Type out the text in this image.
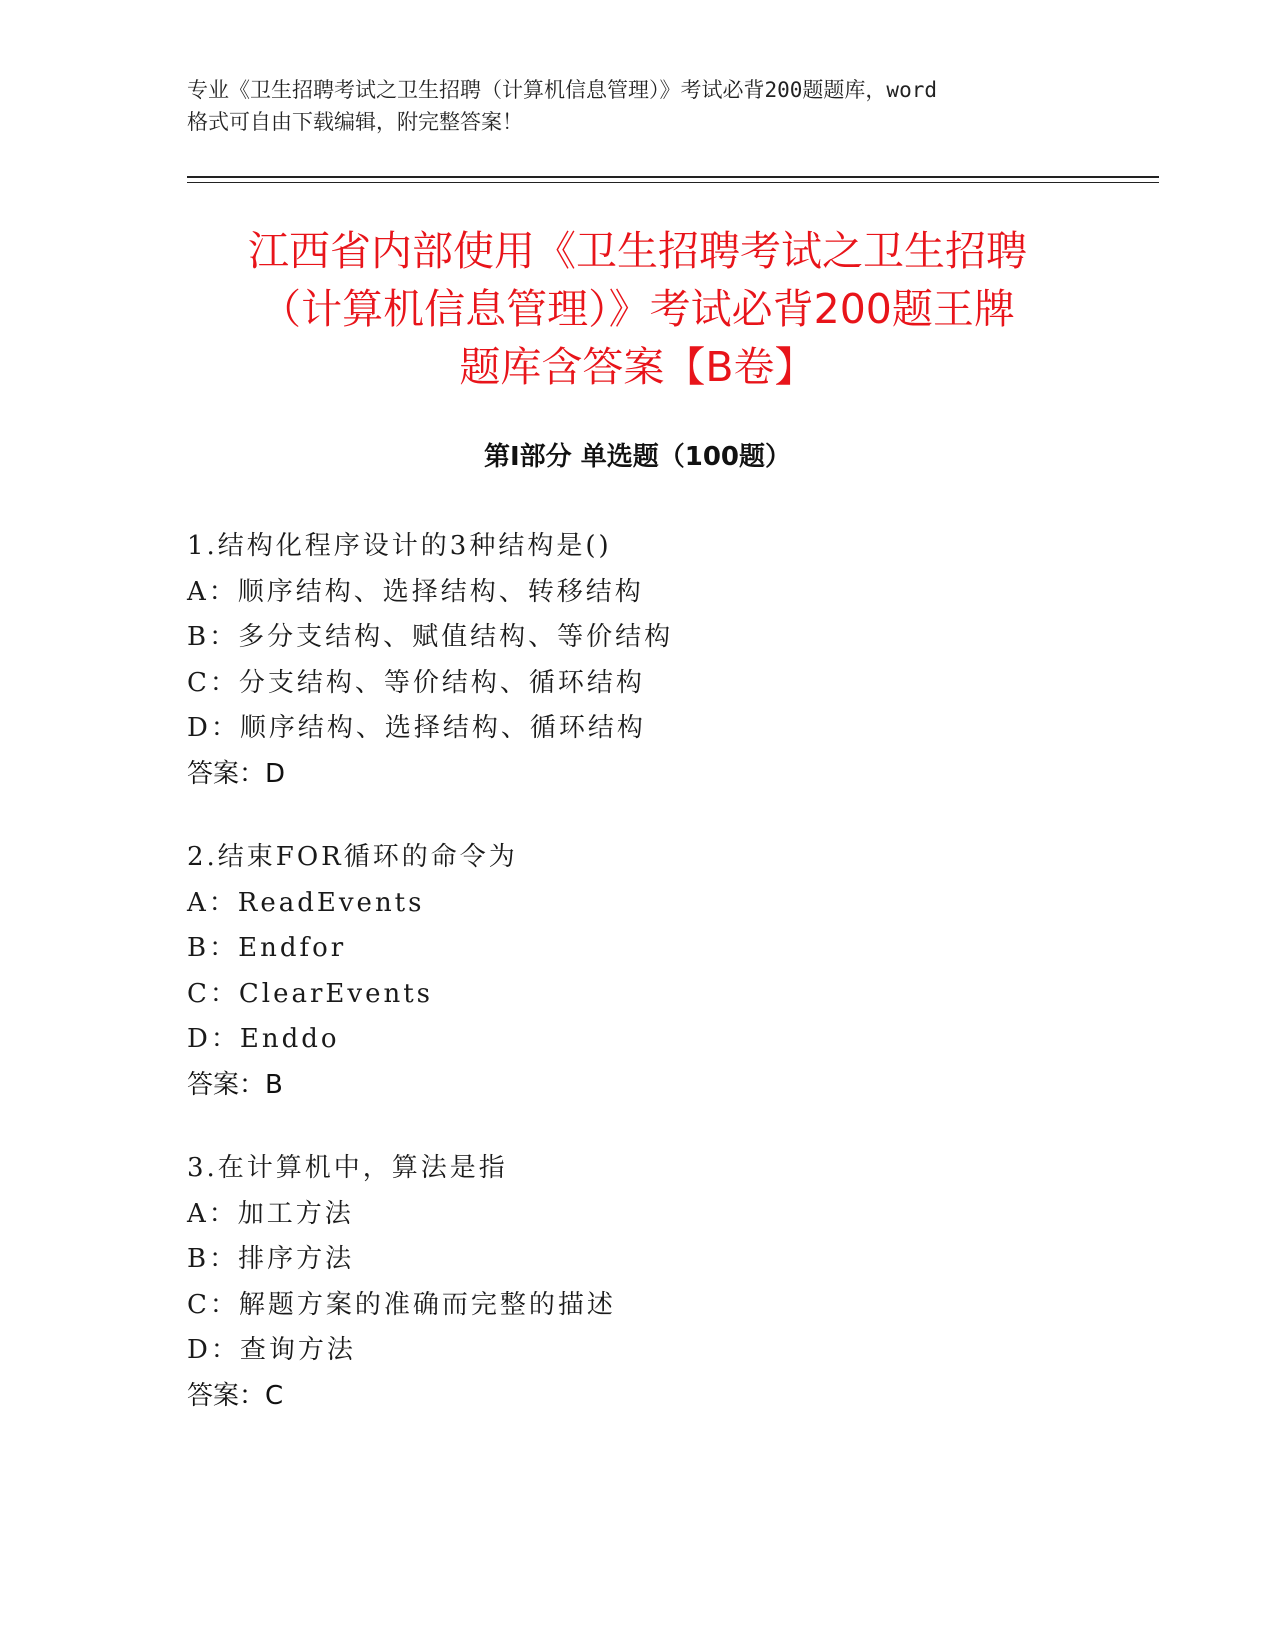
专业《卫生招聘考试之卫生招聘（计算机信息管理）》考试必背200题题库，word
格式可自由下载编辑，附完整答案！
江西省内部使用《卫生招聘考试之卫生招聘
（计算机信息管理）》考试必背200题王牌
题库含答案【B卷】
第Ⅰ部分 单选题（100题）
1.结构化程序设计的3种结构是()
A：顺序结构、选择结构、转移结构
B：多分支结构、赋值结构、等价结构
C：分支结构、等价结构、循环结构
D：顺序结构、选择结构、循环结构
答案：D
2.结束FOR循环的命令为
A：ReadEvents
B：Endfor
C：ClearEvents
D：Enddo
答案：B
3.在计算机中，算法是指
A：加工方法
B：排序方法
C：解题方案的准确而完整的描述
D：查询方法
答案：C
